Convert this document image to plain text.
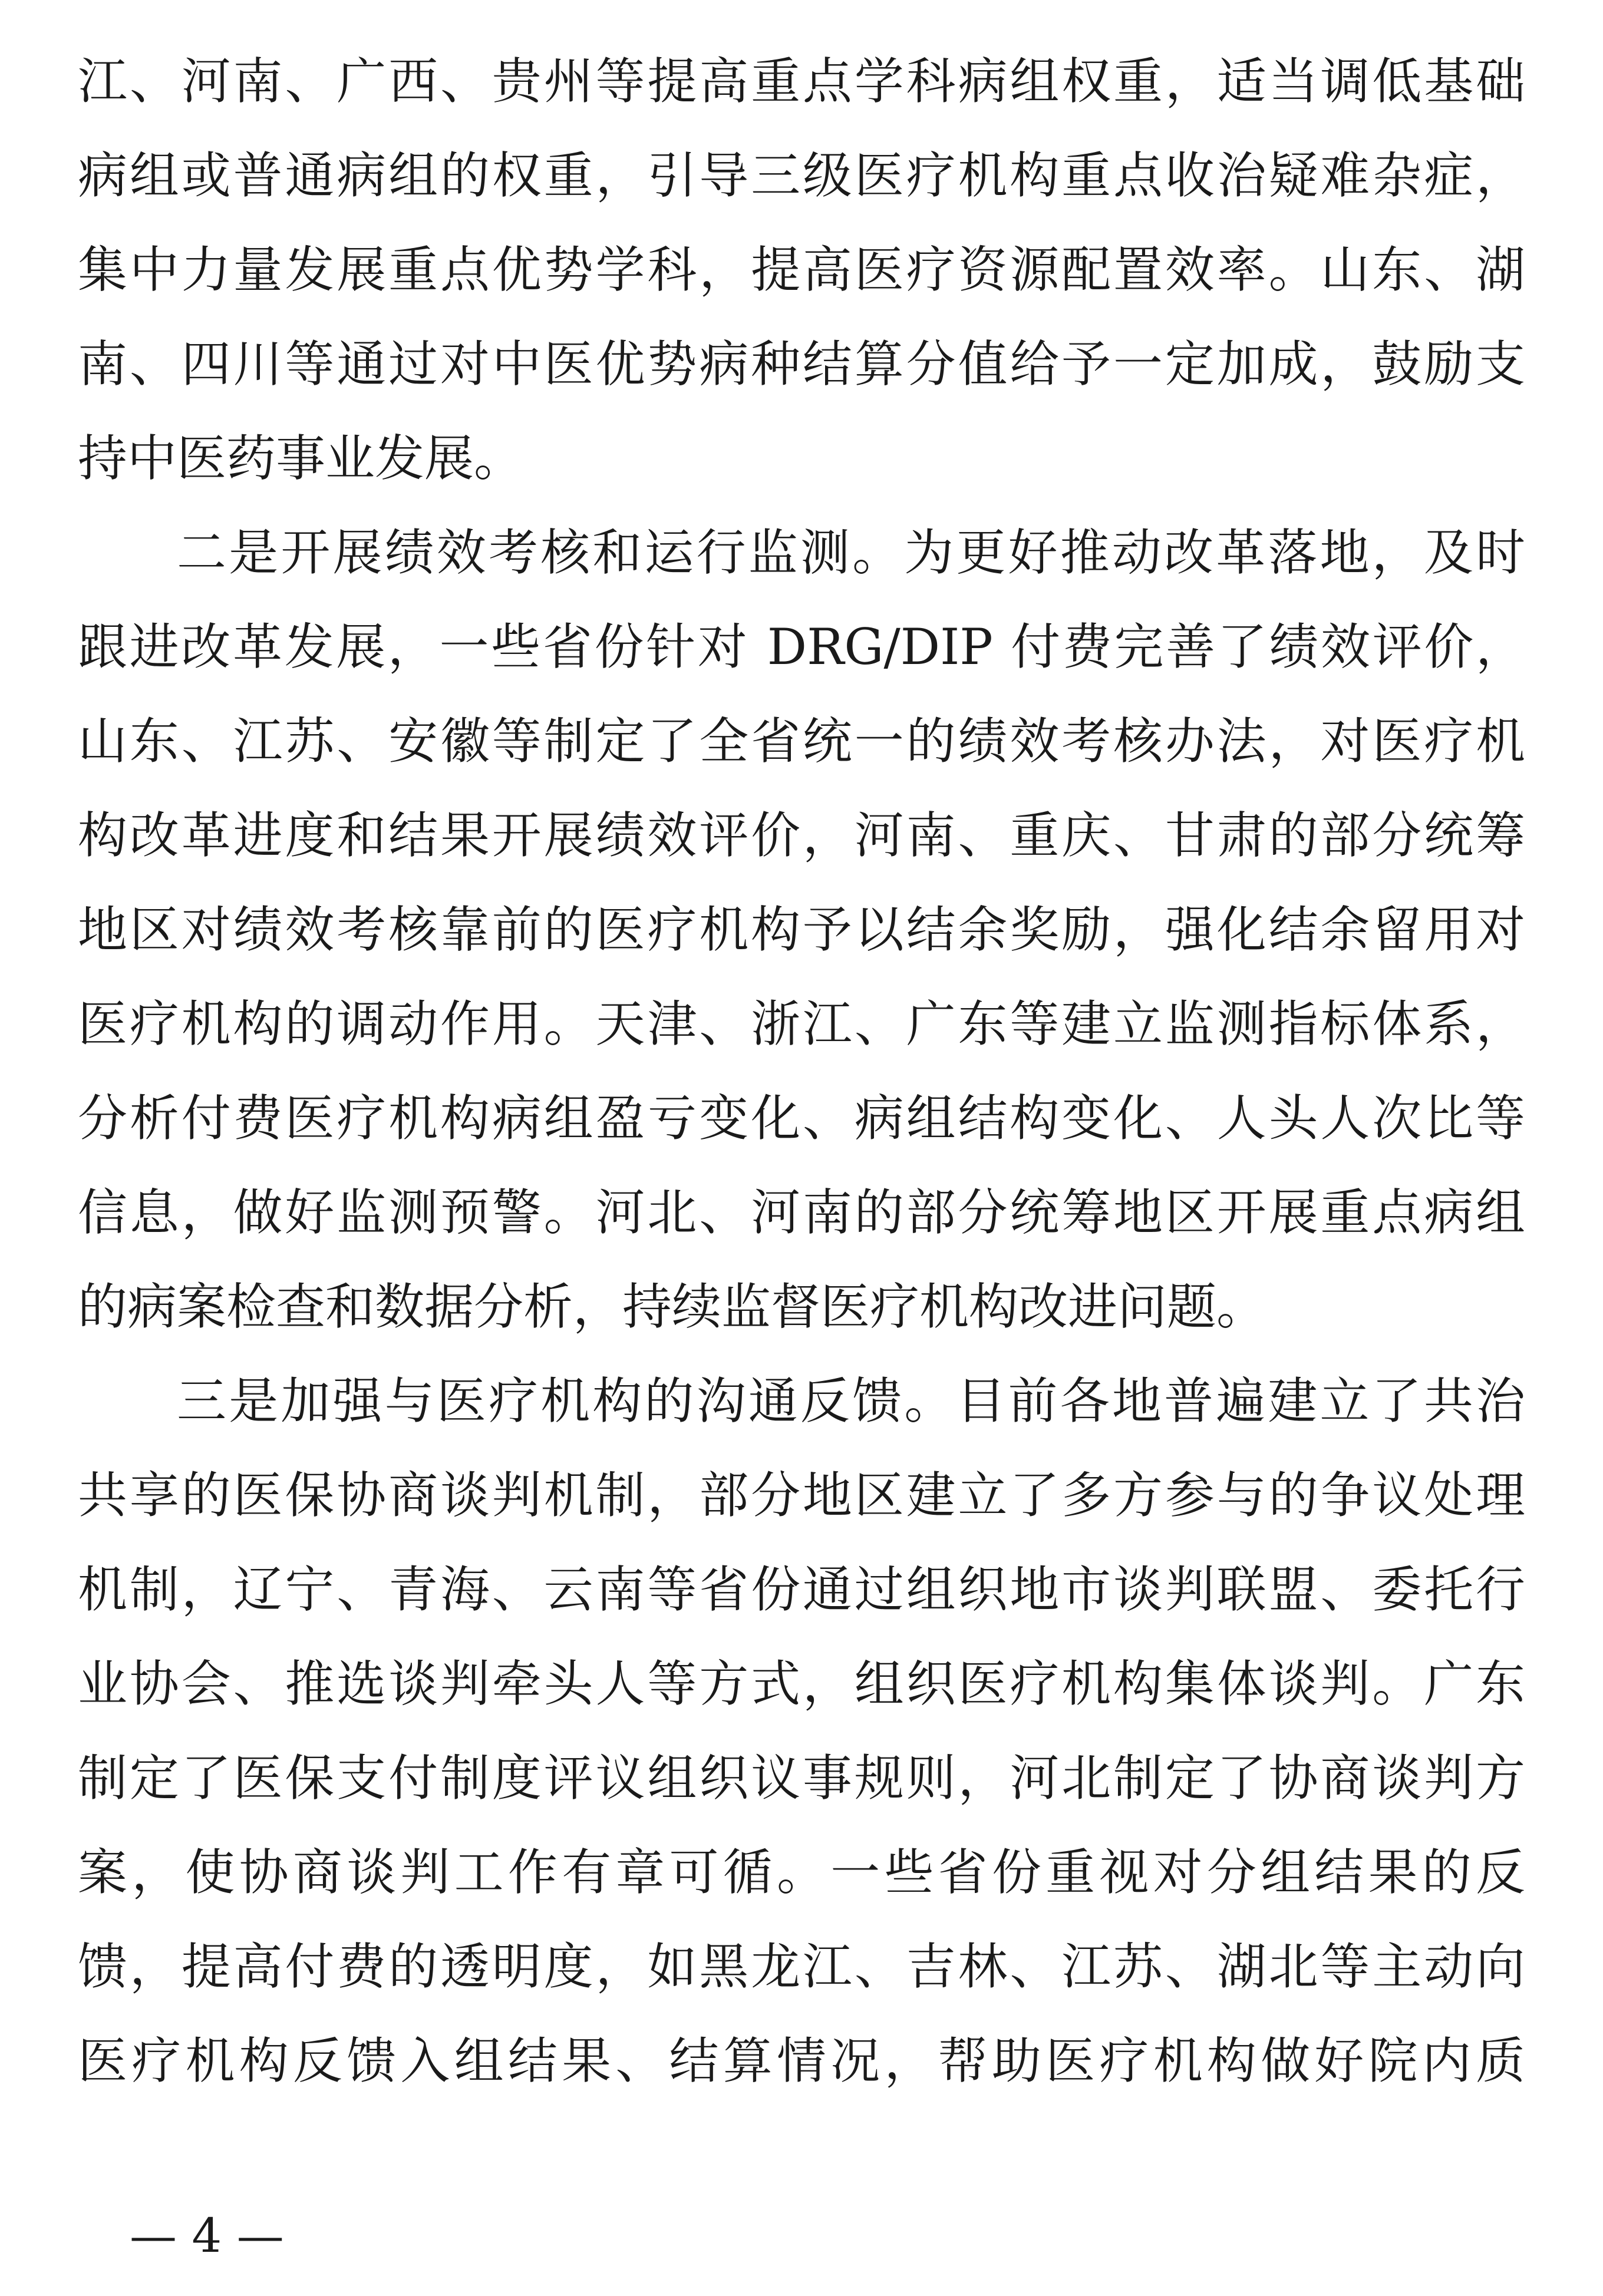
江、河南、广西、贵州等提高重点学科病组权重，适当调低基础
病组或普通病组的权重，引导三级医疗机构重点收治疑难杂症，
集中力量发展重点优势学科，提高医疗资源配置效率。山东、湖
南、四川等通过对中医优势病种结算分值给予一定加成，鼓励支
持中医药事业发展。
二是开展绩效考核和运行监测。为更好推动改革落地，及时
跟进改革发展，一些省份针对 DRG/DIP 付费完善了绩效评价，
山东、江苏、安徽等制定了全省统一的绩效考核办法，对医疗机
构改革进度和结果开展绩效评价，河南、重庆、甘肃的部分统筹
地区对绩效考核靠前的医疗机构予以结余奖励，强化结余留用对
医疗机构的调动作用。天津、浙江、广东等建立监测指标体系，
分析付费医疗机构病组盈亏变化、病组结构变化、人头人次比等
信息，做好监测预警。河北、河南的部分统筹地区开展重点病组
的病案检查和数据分析，持续监督医疗机构改进问题。
三是加强与医疗机构的沟通反馈。目前各地普遍建立了共治
共享的医保协商谈判机制，部分地区建立了多方参与的争议处理
机制，辽宁、青海、云南等省份通过组织地市谈判联盟、委托行
业协会、推选谈判牵头人等方式，组织医疗机构集体谈判。广东
制定了医保支付制度评议组织议事规则，河北制定了协商谈判方
案，使协商谈判工作有章可循。一些省份重视对分组结果的反
馈，提高付费的透明度，如黑龙江、吉林、江苏、湖北等主动向
医疗机构反馈入组结果、结算情况，帮助医疗机构做好院内质
— 4 —
